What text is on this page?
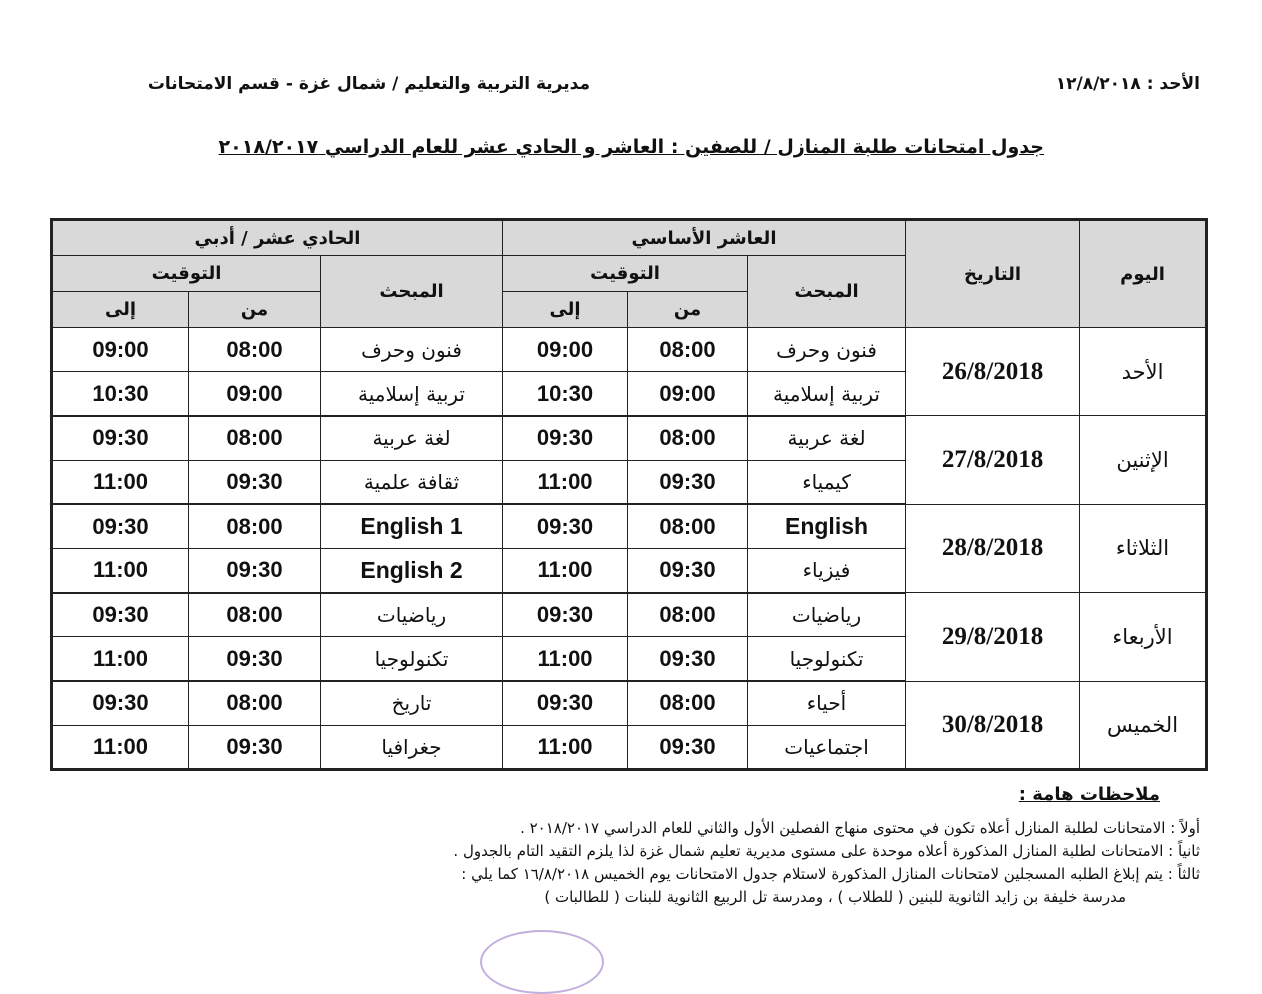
الأحد : ١٢/٨/٢٠١٨
مديرية التربية والتعليم / شمال غزة - قسم الامتحانات
جدول امتحانات طلبة المنازل / للصفين : العاشر و الحادي عشر للعام الدراسي ٢٠١٨/٢٠١٧
اليوم	التاريخ	العاشر الأساسي			الحادي عشر / أدبي		
		المبحث	التوقيت		المبحث	التوقيت	
			من	إلى		من	إلى
الأحد	26/8/2018	فنون وحرف	08:00	09:00	فنون وحرف	08:00	09:00
		تربية إسلامية	09:00	10:30	تربية إسلامية	09:00	10:30
الإثنين	27/8/2018	لغة عربية	08:00	09:30	لغة عربية	08:00	09:30
		كيمياء	09:30	11:00	ثقافة علمية	09:30	11:00
الثلاثاء	28/8/2018	English	08:00	09:30	English 1	08:00	09:30
		فيزياء	09:30	11:00	English 2	09:30	11:00
الأربعاء	29/8/2018	رياضيات	08:00	09:30	رياضيات	08:00	09:30
		تكنولوجيا	09:30	11:00	تكنولوجيا	09:30	11:00
الخميس	30/8/2018	أحياء	08:00	09:30	تاريخ	08:00	09:30
		اجتماعيات	09:30	11:00	جغرافيا	09:30	11:00
ملاحظات هامة :
أولاً : الامتحانات لطلبة المنازل أعلاه تكون في محتوى منهاج الفصلين الأول والثاني للعام الدراسي ٢٠١٨/٢٠١٧ .
ثانياً : الامتحانات لطلبة المنازل المذكورة أعلاه موحدة على مستوى مديرية تعليم شمال غزة لذا يلزم التقيد التام بالجدول .
ثالثاً : يتم إبلاغ الطلبه المسجلين لامتحانات المنازل المذكورة لاستلام جدول الامتحانات يوم الخميس ١٦/٨/٢٠١٨ كما يلي :
مدرسة خليفة بن زايد الثانوية للبنين ( للطلاب ) ، ومدرسة تل الربيع الثانوية للبنات ( للطالبات )
